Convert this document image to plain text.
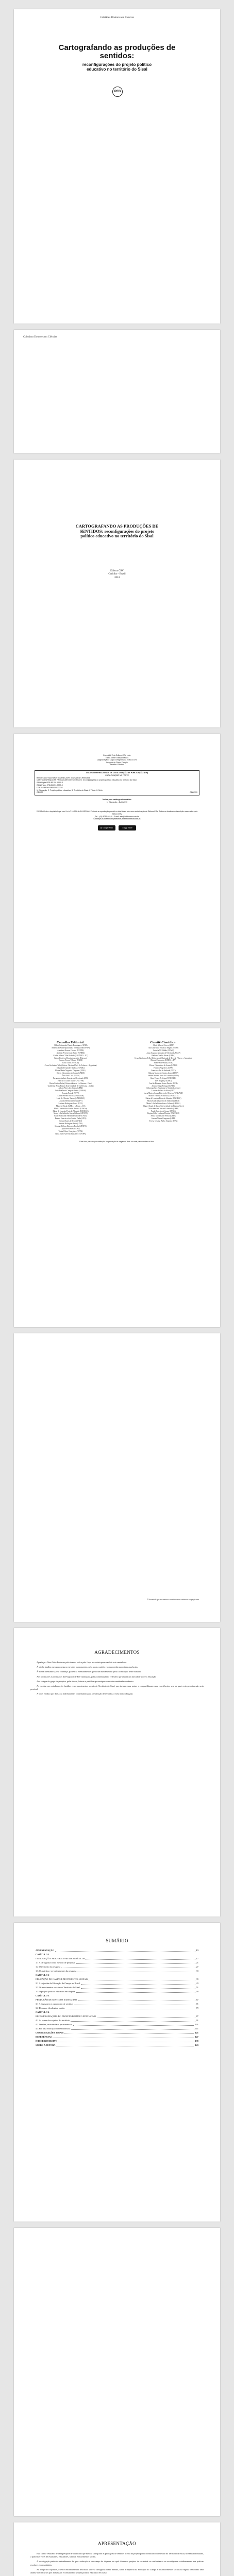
Coletânea Doutores em Ciências
Cartografando as produções de sentidos:
reconfigurações do projeto político
educativo no território do Sisal
RFB
Coletânea Doutores em Ciências
CARTOGRAFANDO AS PRODUÇÕES DE
SENTIDOS: reconfigurações do projeto
político educativo no território do Sisal
Editora CRV
Curitiba – Brasil
2024
Copyright © da Editora CRV Ltda.
Editor-chefe: Railson Moura
Diagramação e Capa: Designers da Editora CRV
Imagem de Capa: Freepik
Revisão: A Autora
DADOS INTERNACIONAIS DE CATALOGAÇÃO NA PUBLICAÇÃO (CIP)
CATALOGAÇÃO NA FONTE
Bibliotecária responsável: Luzenira Alves dos Santos CRB9/1506
CARTOGRAFANDO AS PRODUÇÕES DE SENTIDOS: reconfigurações do projeto político educativo no território do Sisal
ISBN Digital 978-65-251-0000-0
ISBN Físico 978-65-251-0000-0
DOI 10.24824/978652510000.0
1. Educação. 2. Projeto político educativo. 3. Território do Sisal. I. Título. II. Série.
CDU 37	CDD 370
Índice para catálogo sistemático
1. Educação – Bahia 370
2024 Foi feito o depósito legal conf. Lei nº 10.994 de 14/12/2004. Proibida a reprodução parcial ou total desta obra sem autorização da Editora CRV. Todos os direitos desta edição reservados pela Editora CRV.
Tel.: (41) 3039-6418 – E-mail: sac@editoracrv.com.br
Conheça os nossos lançamentos: www.editoracrv.com.br
▶ Google Play	App Store
Conselho Editorial:
Aldira Guimarães Duarte Domínguez (UNB)
Andréia da Silva Quintanilha Sousa (UNIR/UFRN)
Anselmo Alencar Colares (UFOPA)
Antônio Pereira Gaio Júnior (UFRRJ)
Carlos Alberto Vilar Estêvão (UMINHO – PT)
Carlos Federico Dominguez Avila (Unieuro)
Carmen Tereza Velanga (UNIR)
Celso Conti (UFSCar)
Cesar Gerônimo Tello (Univer. Nacional Três de Febrero – Argentina)
Eduardo Fernandes Barbosa (UFMG)
Elione Maria Nogueira Diogenes (UFAL)
Elizeu Clementino de Souza (UNEB)
Élsio José Corá (UFFS)
Fernando Antônio Gonçalves Alcoforado (IPB)
Francisco Carlos Duarte (PUC-PR)
Gloria Fariñas León (Universidade de La Havana – Cuba)
Guillermo Arias Beatón (Universidade de La Havana – Cuba)
Jailson Alves dos Santos (UFRJ)
João Adalberto Campato Junior (UNESP)
Josania Portela (UFPI)
Leonel Severo Rocha (UNISINOS)
Lídia de Oliveira Xavier (UNIEURO)
Lourdes Helena da Silva (UFV)
Luciano Rodrigues Costa (UFV)
Marcelo Paixão (UFRJ e UTexas – US)
Maria Cristina dos Santos Bezerra (UFSCar)
Maria de Lourdes Pinto de Almeida (UNOESC)
Maria Lília Imbiriba Sousa Colares (UFOPA)
Paulo Romualdo Hernandes (UNIFAL-MG)
Renato Francisco dos Santos Paula (UFG)
Sérgio Nunes de Jesus (IFRO)
Simone Rodrigues Pinto (UNB)
Solange Helena Ximenes-Rocha (UFOPA)
Sydione Santos (UEPG)
Tadeu Oliver Gonçalves (UFPA)
Tania Suely Azevedo Brasileiro (UFOPA)
Comitê Científico:
Altair Alberto Fávero (UPF)
Ana Chrystina Venancio Mignot (UERJ)
Andréia N. Militão (UEMS)
Anna Augusta Sampaio de Oliveira (UNESP)
Barbara Coelho Neves (UFBA)
Cesar Gerónimo Tello (Universidad Nacional de Três de Febrero – Argentina)
Diosnel Centurion (UNIDA – PY)
Eliane Rose Maio (UEM)
Elizeu Clementino de Souza (UNEB)
Fauston Negreiros (UFPI)
Francisco Ari de Andrade (UFC)
Gláucia Maria dos Santos Jorge (UFOP)
Helder Buenos Aires de Carvalho (UFPI)
Ilma Passos A. Veiga (UNICEUB)
Inês Bragança (UERJ)
José de Ribamar Sousa Pereira (UCB)
Jussara Fraga Portugal (UNEB)
Kilwangy Kya Kapitango-a-Samba (Unemat)
Lourdes Helena da Silva (UFV)
Lucia Marisy Souza Ribeiro de Oliveira (UNIVASF)
Marcos Vinicius Francisco (UNOESTE)
Maria de Lourdes Pinto de Almeida (UNOESC)
Maria Eurácia Barreto de Andrade (UFRB)
Maria Lília Imbiriba Sousa Colares (UFOPA)
Míguel Ángel de Luca (Universidade de Buenos Aires)
Nilza Sanches Tessaro Leonardo (UEM)
Paulo Roberto de Souza (UFRN)
Regina Célia Linhares Hostins (UNIVALI)
Sílvia Maria Leite Freitas (UFPA)
Suzane Nunes Cangussu (UFPI)
Teresa Cristina Barbo Siqueira (UFG)
Este livro passou por avaliação e aprovação às cegas de dois ou mais pareceristas ad hoc.
À Juventude que me ensinou e continua a me ensinar a ser professora.
AGRADECIMENTOS

Agradeço a Deus Todo-Poderoso pelo dom da vida e pela força necessária para concluir esta caminhada.

À minha família, meu porto seguro em todos os momentos, pelo apoio, carinho e compreensão nas minhas ausências.

À minha orientadora, pela confiança, paciência e ensinamentos que foram fundamentais para a construção deste trabalho.

Aos professores e professoras do Programa de Pós-Graduação, pelas contribuições e reflexões que ampliaram meu olhar sobre a educação.

Aos colegas do grupo de pesquisa, pelas trocas, leituras e partilhas que enriqueceram esta caminhada acadêmica.

Às escolas, aos estudantes, às famílias e aos movimentos sociais do Território do Sisal, que abriram suas portas e compartilharam suas experiências, sem os quais esta pesquisa não seria possível.

A todos e todas que, direta ou indiretamente, contribuíram para a realização deste sonho, o meu muito obrigada.

SUMÁRIO
APRESENTAÇÃO	13
CAPÍTULO 1
INTRODUÇÃO: PERCURSOS METODOLÓGICOS	17
1.1 A cartografia como método de pesquisa	21
1.2 O território da pesquisa	27
1.3 Os sujeitos e os instrumentos da pesquisa	33
CAPÍTULO 2
EDUCAÇÃO DO CAMPO E MOVIMENTOS SOCIAIS	39
2.1 A trajetória da Educação do Campo no Brasil	43
2.2 Os movimentos sociais no Território do Sisal	51
2.3 O projeto político educativo em disputa	59
CAPÍTULO 3
PRODUÇÃO DE SENTIDOS E DISCURSO	67
3.1 A linguagem e a produção de sentidos	71
3.2 Discurso, ideologia e sujeito	79
CAPÍTULO 4
RECONFIGURAÇÕES DO PROJETO POLÍTICO EDUCATIVO	87
4.1 As vozes dos sujeitos do território	91
4.2 Tensões, resistências e permanências	101
4.3 Por uma educação contextualizada	111
CONSIDERAÇÕES FINAIS	121
REFERÊNCIAS	127
ÍNDICE REMISSIVO	139
SOBRE A AUTORA	143
APRESENTAÇÃO

Este livro é resultado de uma pesquisa de doutorado que buscou cartografar as produções de sentidos acerca do projeto político educativo construído no Território do Sisal, no semiárido baiano, a partir das vozes de estudantes, educadores, famílias e movimentos sociais.

A investigação partiu do entendimento de que a educação é um campo de disputas, no qual diferentes projetos de sociedade se confrontam e se reconfiguram cotidianamente nas práticas escolares e comunitárias.

Ao longo dos capítulos, o leitor encontrará uma discussão sobre a cartografia como método, sobre a trajetória da Educação do Campo e dos movimentos sociais na região, bem como uma análise dos discursos que atravessam e constituem o projeto político educativo em curso.
